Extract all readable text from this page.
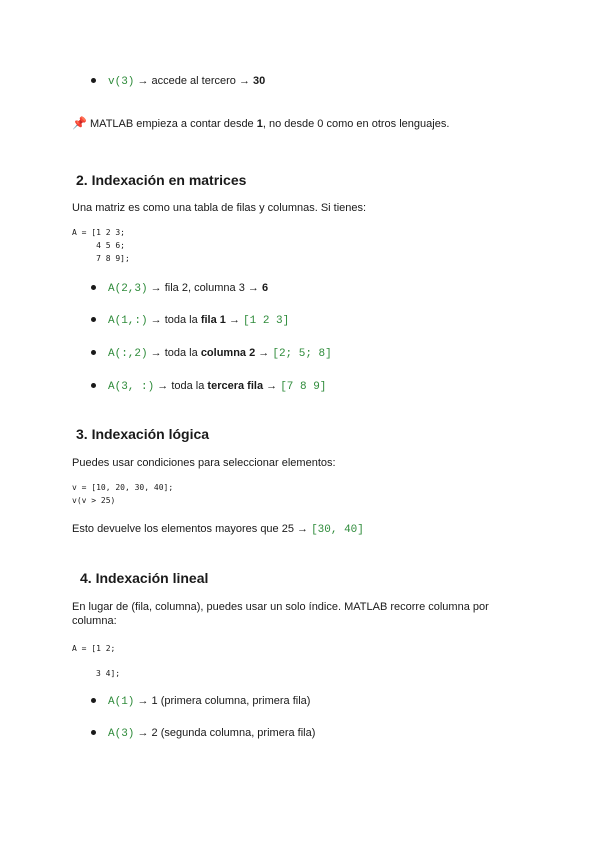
v(3) → accede al tercero → 30
📌 MATLAB empieza a contar desde 1, no desde 0 como en otros lenguajes.
2. Indexación en matrices
Una matriz es como una tabla de filas y columnas. Si tienes:
A = [1 2 3;
4 5 6;
7 8 9];
A(2,3) → fila 2, columna 3 → 6
A(1,:) → toda la fila 1 → [1 2 3]
A(:,2) → toda la columna 2 → [2; 5; 8]
A(3, :) → toda la tercera fila → [7 8 9]
3. Indexación lógica
Puedes usar condiciones para seleccionar elementos:
v = [10, 20, 30, 40];
v(v > 25)
Esto devuelve los elementos mayores que 25 → [30, 40]
4. Indexación lineal
En lugar de (fila, columna), puedes usar un solo índice. MATLAB recorre columna por
columna:
A = [1 2;
3 4];
A(1) → 1 (primera columna, primera fila)
A(3) → 2 (segunda columna, primera fila)
